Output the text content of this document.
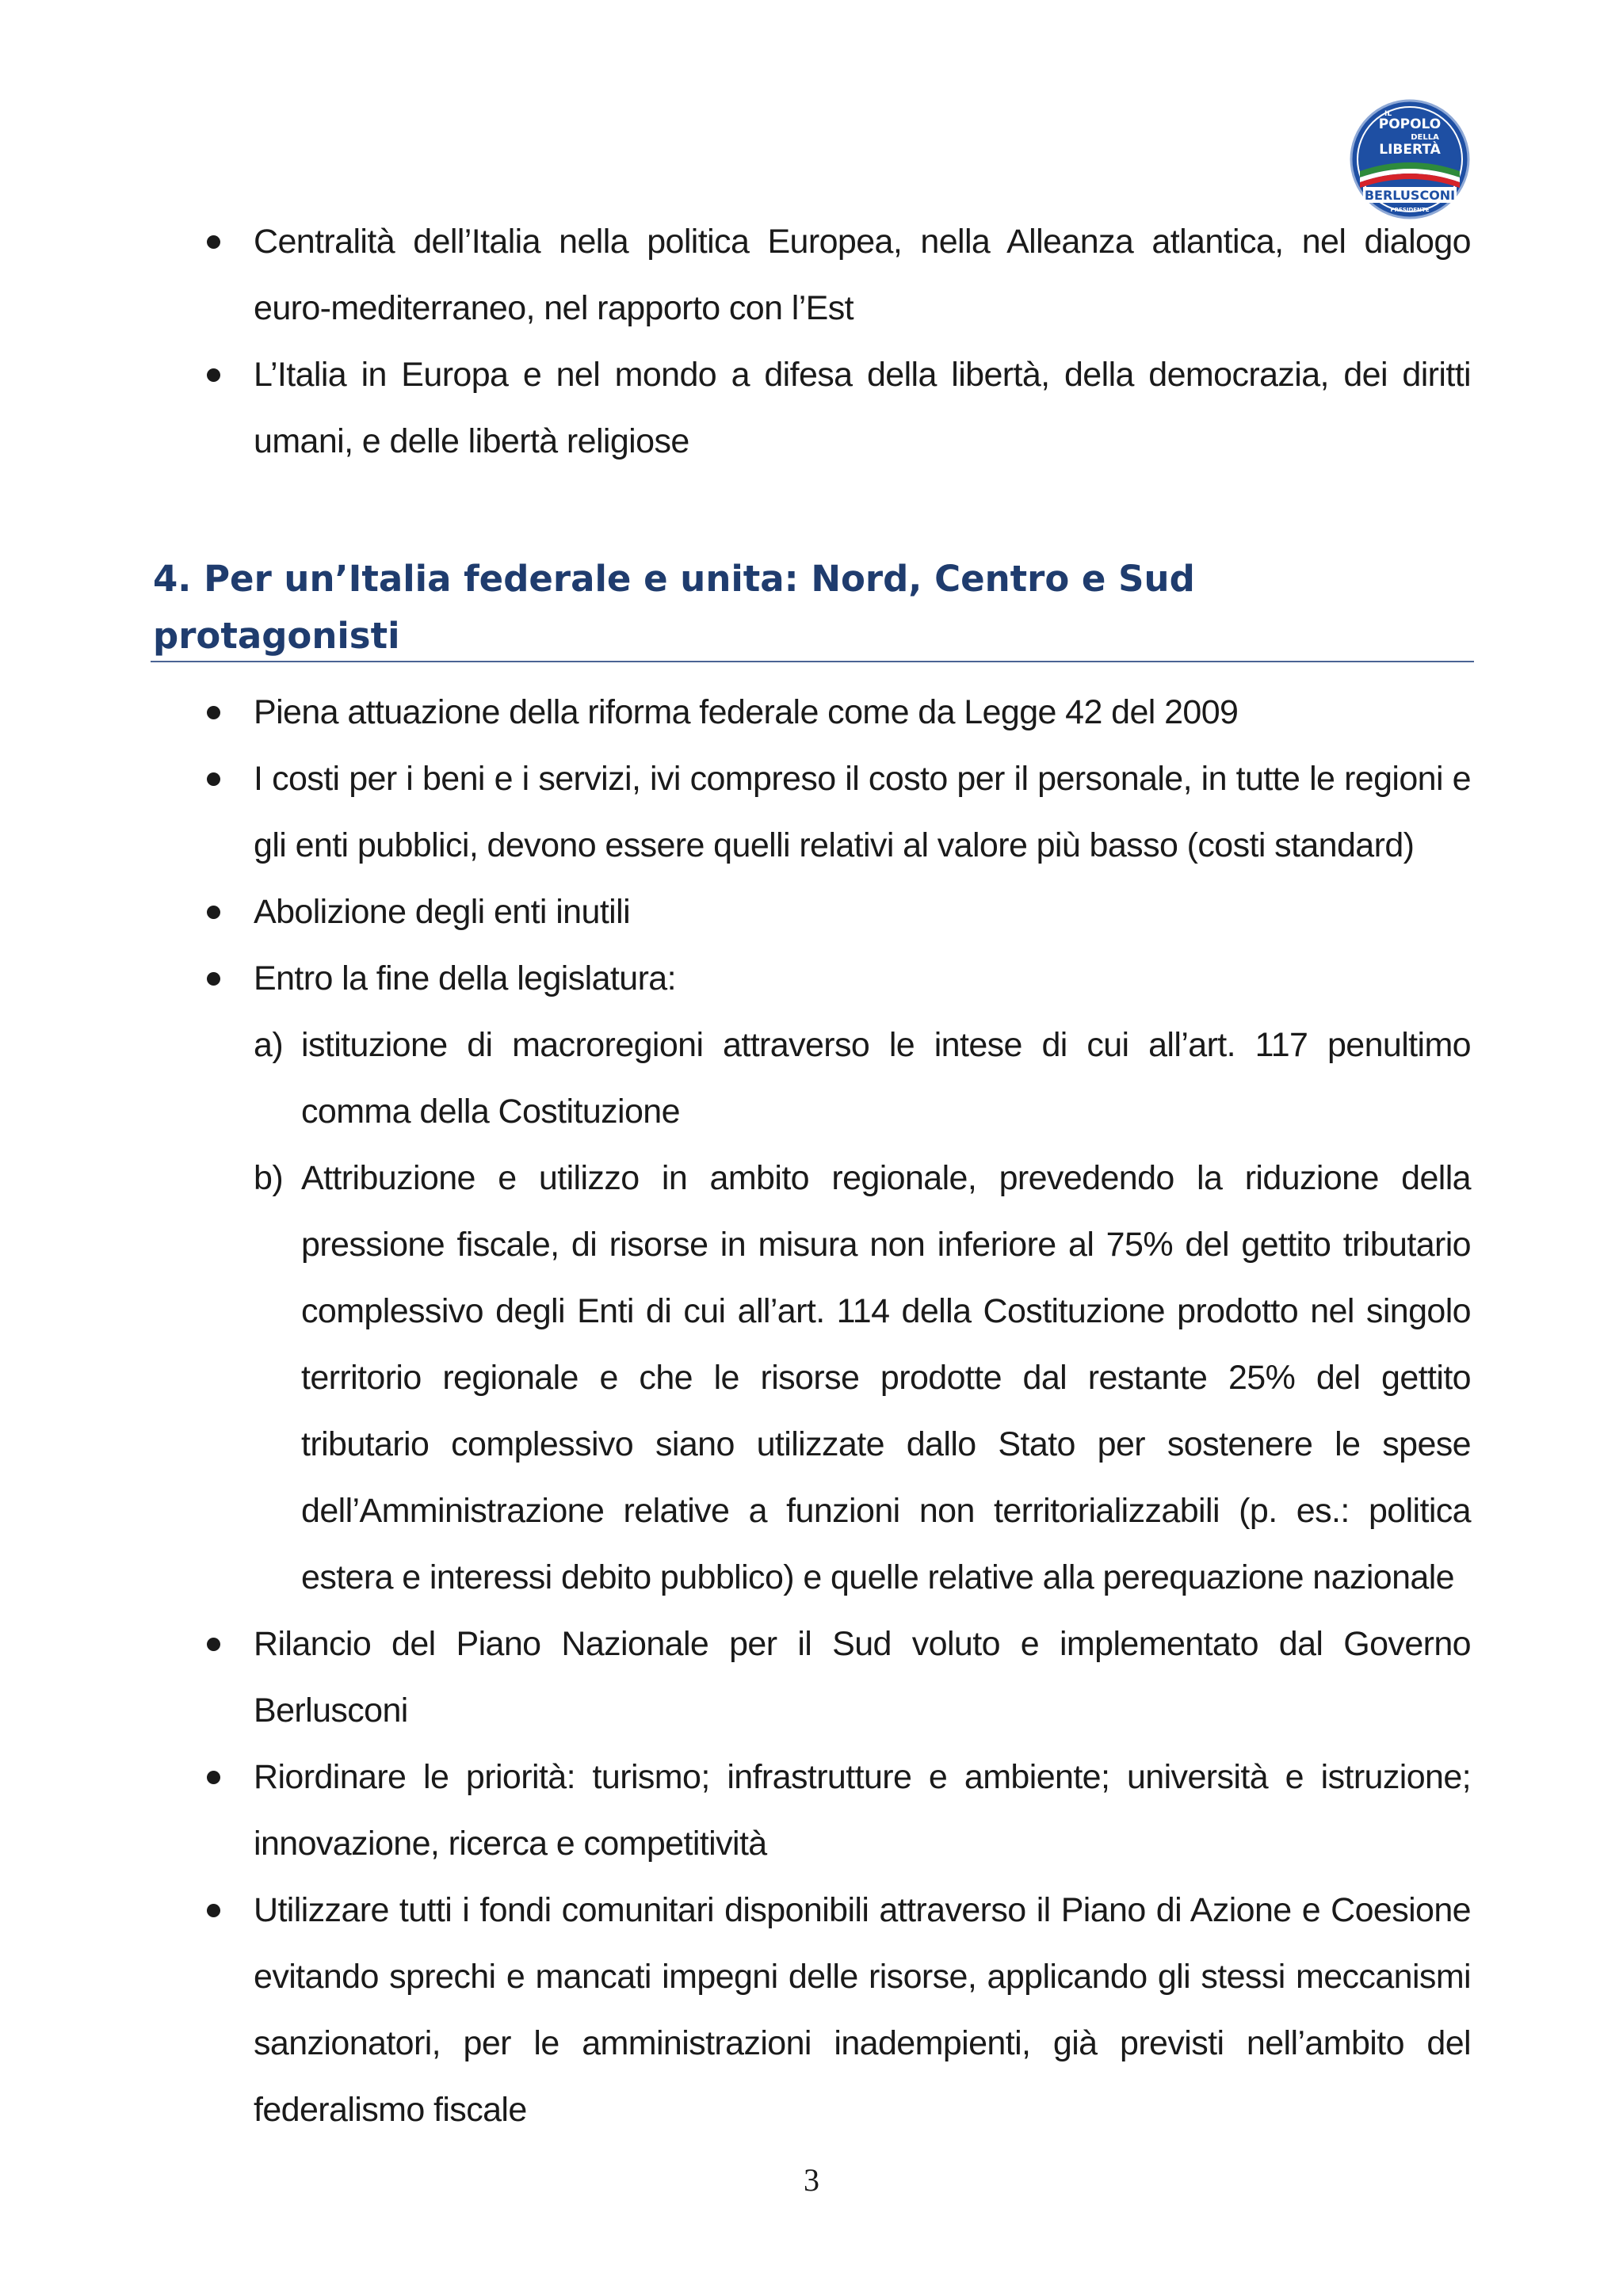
IL
POPOLO
DELLA
LIBERTÀ
BERLUSCONI
PRESIDENTE
Centralità dell’Italia nella politica Europea, nella Alleanza atlantica, nel dialogo euro-mediterraneo, nel rapporto con l’Est
L’Italia in Europa e nel mondo a difesa della libertà, della democrazia, dei diritti umani, e delle libertà religiose
4. Per un’Italia federale e unita: Nord, Centro e Sud
protagonisti
Piena attuazione della riforma federale come da Legge 42 del 2009
I costi per i beni e i servizi, ivi compreso il costo per il personale, in tutte le regioni e gli enti pubblici, devono essere quelli relativi al valore più basso (costi standard)
Abolizione degli enti inutili
Entro la fine della legislatura:
a) istituzione di macroregioni attraverso le intese di cui all’art. 117 penultimo comma della Costituzione
b) Attribuzione e utilizzo in ambito regionale, prevedendo la riduzione della pressione fiscale, di risorse in misura non inferiore al 75% del gettito tributario complessivo degli Enti di cui all’art. 114 della Costituzione prodotto nel singolo territorio regionale e che le risorse prodotte dal restante 25% del gettito tributario complessivo siano utilizzate dallo Stato per sostenere le spese dell’Amministrazione relative a funzioni non territorializzabili (p. es.: politica estera e interessi debito pubblico) e quelle relative alla perequazione nazionale
Rilancio del Piano Nazionale per il Sud voluto e implementato dal Governo Berlusconi
Riordinare le priorità: turismo; infrastrutture e ambiente; università e istruzione; innovazione, ricerca e competitività
Utilizzare tutti i fondi comunitari disponibili attraverso il Piano di Azione e Coesione evitando sprechi e mancati impegni delle risorse, applicando gli stessi meccanismi sanzionatori, per le amministrazioni inadempienti, già previsti nell’ambito del federalismo fiscale
3
